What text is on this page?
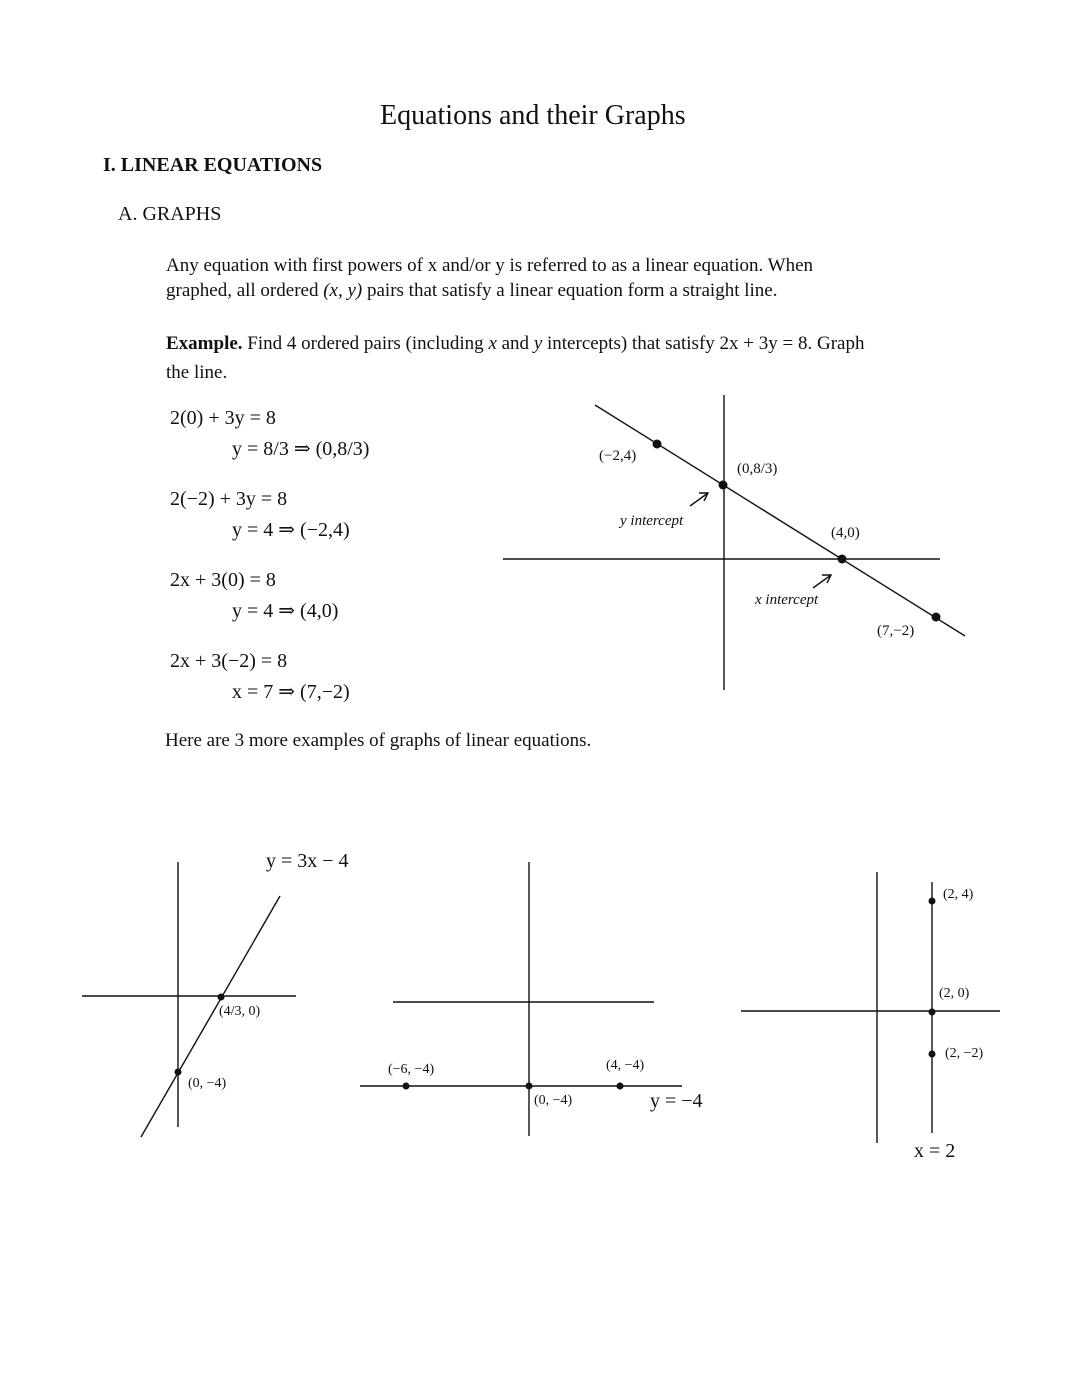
Equations and their Graphs
I. LINEAR EQUATIONS
A. GRAPHS
Any equation with first powers of x and/or y is referred to as a linear equation. When
graphed, all ordered (x, y) pairs that satisfy a linear equation form a straight line.
Example. Find 4 ordered pairs (including x and y intercepts) that satisfy 2x + 3y = 8. Graph
the line.
2(0) + 3y = 8
y = 8/3 ⇒ (0,8/3)
2(−2) + 3y = 8
y = 4 ⇒ (−2,4)
2x + 3(0) = 8
y = 4 ⇒ (4,0)
2x + 3(−2) = 8
x = 7 ⇒ (7,−2)
(−2,4)
(0,8/3)
(4,0)
(7,−2)
y intercept
x intercept
Here are 3 more examples of graphs of linear equations.
y = 3x − 4
(4/3, 0)
(0, −4)
(−6, −4)	(4, −4)
(0, −4)	y = −4
(2, 4)
(2, 0)
(2, −2)
x = 2
